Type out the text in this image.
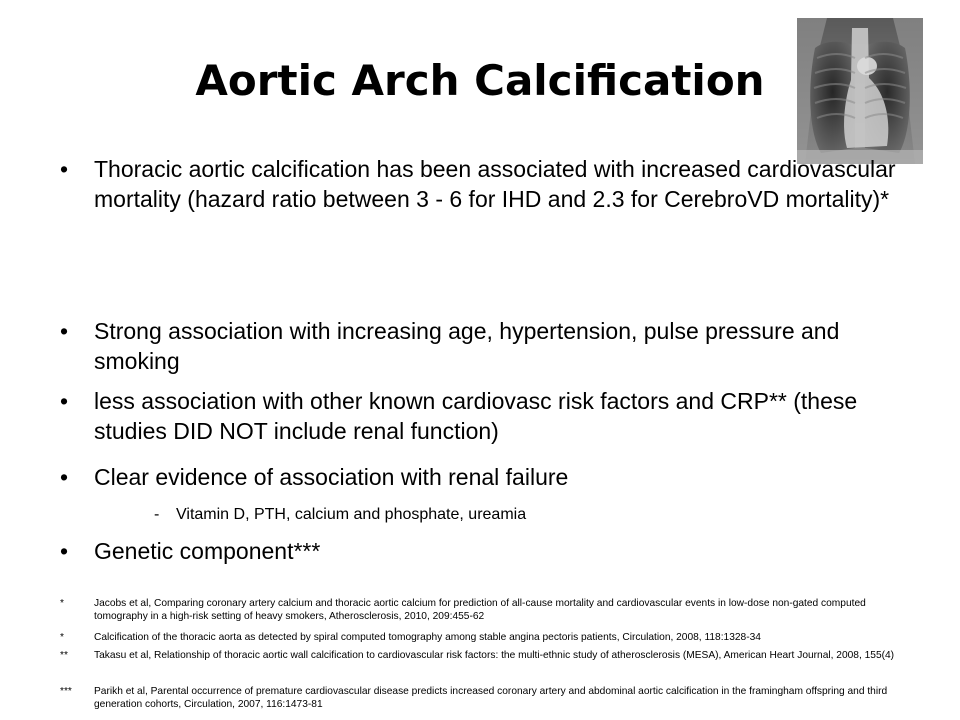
Aortic Arch Calcification
•	Thoracic aortic calcification has been associated with increased cardiovascular mortality (hazard ratio between 3 - 6 for IHD and 2.3 for CerebroVD mortality)*
•	Strong association with increasing age, hypertension, pulse pressure and smoking
•	less association with other known cardiovasc risk factors and CRP** (these studies DID NOT include renal function)
•	Clear evidence of association with renal failure
•	Genetic component***
- Vitamin D, PTH, calcium and phosphate, ureamia
*	Jacobs et al, Comparing coronary artery calcium and thoracic aortic calcium for prediction of all-cause mortality and cardiovascular events in low-dose non-gated computed tomography in a high-risk setting of heavy smokers, Atherosclerosis, 2010, 209:455-62
*	Calcification of the thoracic aorta as detected by spiral computed tomography among stable angina pectoris patients, Circulation, 2008, 118:1328-34
**	Takasu et al, Relationship of thoracic aortic wall calcification to cardiovascular risk factors: the multi-ethnic study of atherosclerosis (MESA), American Heart Journal, 2008, 155(4)
***	Parikh et al, Parental occurrence of premature cardiovascular disease predicts increased coronary artery and abdominal aortic calcification in the framingham offspring and third generation cohorts, Circulation, 2007, 116:1473-81
